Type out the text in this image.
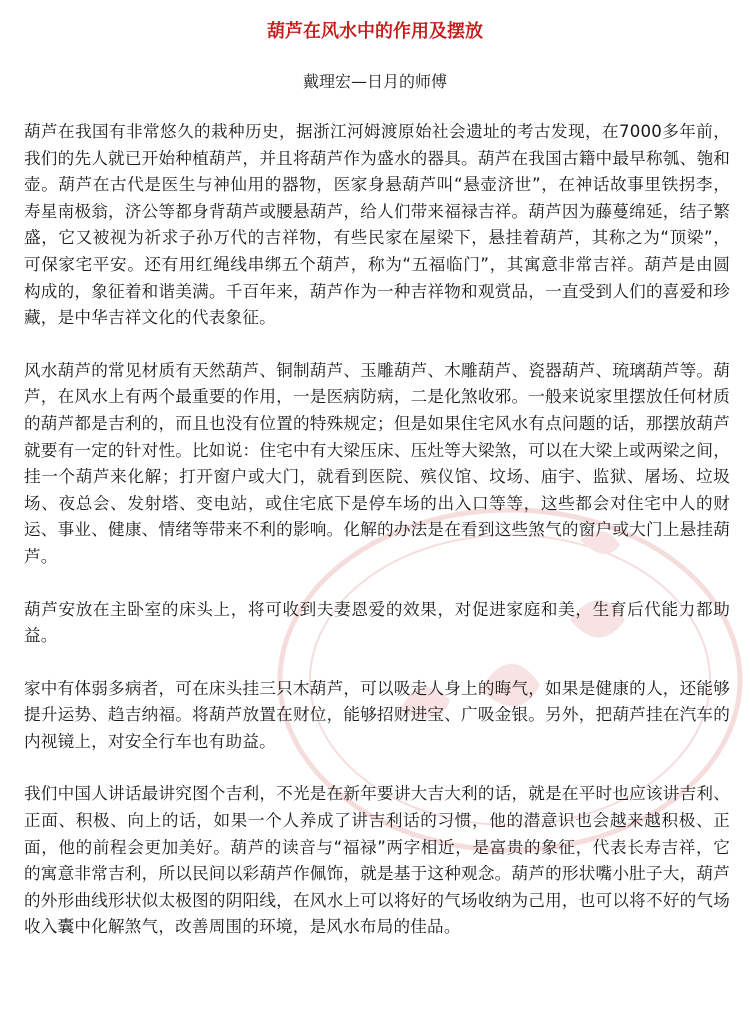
葫芦在风水中的作用及摆放
戴理宏—日月的师傅

葫芦在我国有非常悠久的栽种历史，据浙江河姆渡原始社会遗址的考古发现，在7000多年前，我们的先人就已开始种植葫芦，并且将葫芦作为盛水的器具。葫芦在我国古籍中最早称瓠、匏和壶。葫芦在古代是医生与神仙用的器物，医家身悬葫芦叫“悬壶济世”，在神话故事里铁拐李，寿星南极翁，济公等都身背葫芦或腰悬葫芦，给人们带来福禄吉祥。葫芦因为藤蔓绵延，结子繁盛，它又被视为祈求子孙万代的吉祥物，有些民家在屋梁下，悬挂着葫芦，其称之为“顶梁”，可保家宅平安。还有用红绳线串绑五个葫芦，称为“五福临门”，其寓意非常吉祥。葫芦是由圆构成的，象征着和谐美满。千百年来，葫芦作为一种吉祥物和观赏品，一直受到人们的喜爱和珍藏，是中华吉祥文化的代表象征。

风水葫芦的常见材质有天然葫芦、铜制葫芦、玉雕葫芦、木雕葫芦、瓷器葫芦、琉璃葫芦等。葫芦，在风水上有两个最重要的作用，一是医病防病，二是化煞收邪。一般来说家里摆放任何材质的葫芦都是吉利的，而且也没有位置的特殊规定；但是如果住宅风水有点问题的话，那摆放葫芦就要有一定的针对性。比如说：住宅中有大梁压床、压灶等大梁煞，可以在大梁上或两梁之间，挂一个葫芦来化解；打开窗户或大门，就看到医院、殡仪馆、坟场、庙宇、监狱、屠场、垃圾场、夜总会、发射塔、变电站，或住宅底下是停车场的出入口等等，这些都会对住宅中人的财运、事业、健康、情绪等带来不利的影响。化解的办法是在看到这些煞气的窗户或大门上悬挂葫芦。

葫芦安放在主卧室的床头上，将可收到夫妻恩爱的效果，对促进家庭和美，生育后代能力都助益。

家中有体弱多病者，可在床头挂三只木葫芦，可以吸走人身上的晦气，如果是健康的人，还能够提升运势、趋吉纳福。将葫芦放置在财位，能够招财进宝、广吸金银。另外，把葫芦挂在汽车的内视镜上，对安全行车也有助益。

我们中国人讲话最讲究图个吉利，不光是在新年要讲大吉大利的话，就是在平时也应该讲吉利、正面、积极、向上的话，如果一个人养成了讲吉利话的习惯，他的潜意识也会越来越积极、正面，他的前程会更加美好。葫芦的读音与“福禄”两字相近，是富贵的象征，代表长寿吉祥，它的寓意非常吉利，所以民间以彩葫芦作佩饰，就是基于这种观念。葫芦的形状嘴小肚子大，葫芦的外形曲线形状似太极图的阴阳线，在风水上可以将好的气场收纳为己用，也可以将不好的气场收入囊中化解煞气，改善周围的环境，是风水布局的佳品。
